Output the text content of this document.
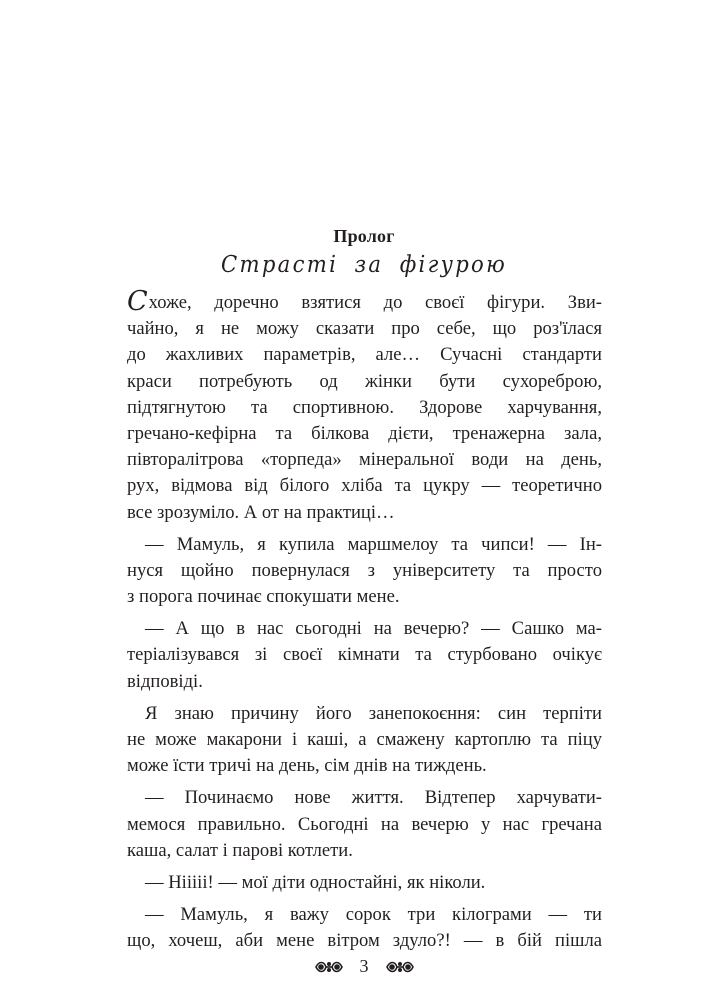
Пролог
Страсті за фігурою
Схоже, доречно взятися до своєї фігури. Зви-
чайно, я не можу сказати про себе, що роз'їлася
до жахливих параметрів, але… Сучасні стандарти
краси потребують од жінки бути сухореброю,
підтягнутою та спортивною. Здорове харчування,
гречано-кефірна та білкова дієти, тренажерна зала,
півторалітрова «торпеда» мінеральної води на день,
рух, відмова від білого хліба та цукру — теоретично
все зрозуміло. А от на практиці…
— Мамуль, я купила маршмелоу та чипси! — Ін-
нуся щойно повернулася з університету та просто
з порога починає спокушати мене.
— А що в нас сьогодні на вечерю? — Сашко ма-
теріалізувався зі своєї кімнати та стурбовано очікує
відповіді.
Я знаю причину його занепокоєння: син терпіти
не може макарони і каші, а смажену картоплю та піцу
може їсти тричі на день, сім днів на тиждень.
— Починаємо нове життя. Відтепер харчувати-
мемося правильно. Сьогодні на вечерю у нас гречана
каша, салат і парові котлети.
— Нііііі! — мої діти одностайні, як ніколи.
— Мамуль, я важу сорок три кілограми — ти
що, хочеш, аби мене вітром здуло?! — в бій пішла
3
